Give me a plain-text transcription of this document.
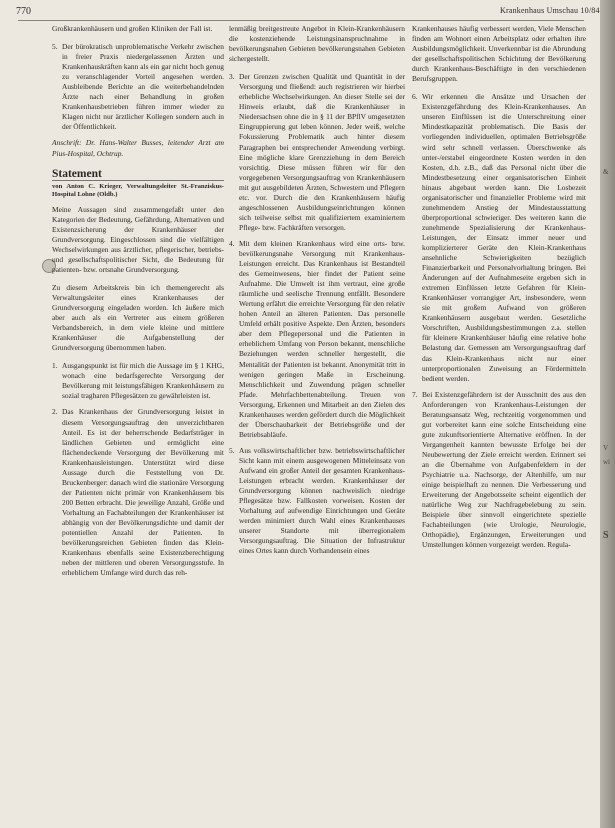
770	Krankenhaus Umschau 10/84

Großkrankenhäusern und großen Kliniken der Fall ist.

5. Der bürokratisch unproblematische Verkehr zwischen in freier Praxis niedergelassenen Ärzten und Krankenhauskräften kann als ein gar nicht hoch genug zu veranschlagender Vorteil angesehen werden. Ausbleibende Berichte an die weiterbehandelnden Ärzte nach einer Behandlung in großen Krankenhausbetrieben führen immer wieder zu Klagen nicht nur ärztlicher Kollegen sondern auch in der Öffentlichkeit.
Anschrift: Dr. Hans-Walter Busses, leitender Arzt am Pius-Hospital, Ochtrup.
Statement
von Anton C. Krieger, Verwaltungsleiter St.-Franziskus-Hospital Lohne (Oldb.)

Meine Aussagen sind zusammengefaßt unter den Kategorien der Bedeutung, Gefährdung, Alternativen und Existenzsicherung der Krankenhäuser der Grundversorgung. Eingeschlossen sind die vielfältigen Wechselwirkungen aus ärztlicher, pflegerischer, betriebs- und gesellschaftspolitischer Sicht, die Bedeutung für patienten- bzw. ortsnahe Grundversorgung.

Zu diesem Arbeitskreis bin ich themengerecht als Verwaltungsleiter eines Krankenhauses der Grundversorgung eingeladen worden. Ich äußere mich aber auch als ein Vertreter aus einem größeren Verbandsbereich, in dem viele kleine und mittlere Krankenhäuser die Aufgabenstellung der Grundversorgung übernommen haben.

1. Ausgangspunkt ist für mich die Aussage im § 1 KHG, wonach eine bedarfsgerechte Versorgung der Bevölkerung mit leistungsfähigen Krankenhäusern zu sozial tragbaren Pflegesätzen zu gewährleisten ist.
2. Das Krankenhaus der Grundversorgung leistet in diesem Versorgungsauftrag den unverzichtbaren Anteil. Es ist der beherrschende Bedarfsträger in ländlichen Gebieten und ermöglicht eine flächendeckende Versorgung der Bevölkerung mit Krankenhausleistungen. Unterstützt wird diese Aussage durch die Feststellung von Dr. Bruckenberger: danach wird die stationäre Versorgung der Patienten nicht primär von Krankenhäusern bis 200 Betten erbracht. Die jeweilige Anzahl, Größe und Vorhaltung an Fachabteilungen der Krankenhäuser ist abhängig von der Bevölkerungsdichte und damit der potentiellen Anzahl der Patienten. In bevölkerungsreichen Gebieten finden das Klein-Krankenhaus ebenfalls seine Existenzberechtigung neben der mittleren und oberen Versorgungsstufe. In erheblichem Umfange wird durch das reh-

lenmäßig breitgestreute Angebot in Klein-Krankenhäusern die kostenziehende Leistungsinanspruchnahme in bevölkerungsnahen Gebieten bevölkerungsnahen Gebieten sichergestellt.

3. Der Grenzen zwischen Qualität und Quantität in der Versorgung und fließend: auch registrieren wir hierbei erhebliche Wechselwirkungen. An dieser Stelle sei der Hinweis erlaubt, daß die Krankenhäuser in Niedersachsen ohne die in § 11 der BPflV umgesetzten Eingruppierung gut leben können. Jeder weiß, welche Fokussierung Problematik auch hinter diesem Paragraphen bei entsprechender Anwendung verbirgt. Eine mögliche klare Grenzziehung in dem Bereich vorsichtig. Diese müssen führen wir für den vorgegebenen Versorgungsauftrag von Krankenhäusern mit gut ausgebildeten Ärzten, Schwestern und Pflegern etc. vor. Durch die den Krankenhäusern häufig angeschlossenen Ausbildungseinrichtungen können sich teilweise selbst mit qualifiziertem examiniertem Pflege- bzw. Fachkräften versorgen.
4. Mit dem kleinen Krankenhaus wird eine orts- bzw. bevölkerungsnahe Versorgung mit Krankenhaus-Leistungen erreicht. Das Krankenhaus ist Bestandteil des Gemeinwesens, hier findet der Patient seine Aufnahme. Die Umwelt ist ihm vertraut, eine große räumliche und seelische Trennung entfällt. Besondere Wertung erfährt die erreichte Versorgung für den relativ hohen Anteil an älteren Patienten. Das personelle Umfeld erhält positive Aspekte. Den Ärzten, besonders aber dem Pflegepersonal und die Patienten in erheblichem Umfang von Person bekannt, menschliche Beziehungen werden schneller hergestellt, die Mentalität der Patienten ist bekannt. Anonymität tritt in wenigen geringen Maße in Erscheinung. Menschlichkeit und Zuwendung prägen schneller Pfade. Mehrfachbettenabteilung. Treuen von Versorgung, Erkennen und Mitarbeit an den Zielen des Krankenhauses werden gefördert durch die Möglichkeit der Überschaubarkeit der Betriebsgröße und der Betriebsabläufe.
5. Aus volkswirtschaftlicher bzw. betriebswirtschaftlicher Sicht kann mit einem ausgewogenen Mitteleinsatz von Aufwand ein großer Anteil der gesamten Krankenhaus-Leistungen erbracht werden. Krankenhäuser der Grundversorgung können nachweislich niedrige Pflegesätze bzw. Fallkosten vorweisen. Kosten der Vorhaltung auf aufwendige Einrichtungen und Geräte werden minimiert durch Wahl eines Krankenhauses unserer Standorte mit überregionalem Versorgungsauftrag. Die Situation der Infrastruktur eines Ortes kann durch Vorhandensein eines

Krankenhauses häufig verbessert werden, Viele Menschen finden am Wohnort einen Arbeitsplatz oder erhalten ihre Ausbildungsmöglichkeit. Unverkennbar ist die Abrundung der gesellschaftspolitischen Schichtung der Bevölkerung durch Krankenhaus-Beschäftigte in den verschiedenen Berufsgruppen.

6. Wir erkennen die Ansätze und Ursachen der Existenzgefährdung des Klein-Krankenhauses. An unseren Einflüssen ist die Unterschreitung einer Mindestkapazität problematisch. Die Basis der vorliegenden individuellen, optimalen Betriebsgröße wird sehr schnell verlassen. Überschwenke als unter-/erstabel eingeordnete Kosten werden in den Kosten, d.h. z.B., daß das Personal nicht über die Mindestbesetzung einer organisatorischen Einheit hinaus abgebaut werden kann. Die Losbezeit organisatorischer und finanzieller Probleme wird mit zunehmendem Anstieg der Mindestausstattung überproportional schwieriger. Des weiteren kann die zunehmende Spezialisierung der Krankenhaus-Leistungen, der Einsatz immer neuer und komplizierterer Geräte den Klein-Krankenhaus ansehnliche Schwierigkeiten bezüglich Finanzierbarkeit und Personalvorhaltung bringen. Bei Änderungen auf der Aufnahmeseite ergeben sich in extremen Einflüssen letzte Gefahren für Klein-Krankenhäuser vorrangiger Art, insbesondere, wenn sie mit großem Aufwand von größeren Krankenhäusern ausgebaut werden. Gesetzliche Vorschriften, Ausbildungsbestimmungen z.a. stellen für kleinere Krankenhäuser häufig eine relative hohe Belastung dar. Gemessen am Versorgungsauftrag darf das Klein-Krankenhaus nicht nur einer unterproportionalen Zuweisung an Fördermitteln bedient werden.
7. Bei Existenzgefährdern ist der Ausschnitt des aus den Anforderungen von Krankenhaus-Leistungen der Beratungsansatz Weg, rechtzeitig vorgenommen und gut vorbereitet kann eine solche Entscheidung eine gute zukunftsorientierte Alternative eröffnen. In der Vergangenheit kannten bewusste Erfolge bei der Neubewertung der Ziele erreicht werden. Erinnert sei an die Übernahme von Aufgabenfeldern in der Psychiatrie u.a. Nachsorge, der Altenhilfe, um nur einige beispielhaft zu nennen. Die Verbesserung und Erweiterung der Angebotsseite scheint eigentlich der natürliche Weg zur Nachfragebelebung zu sein. Beispiele über sinnvoll eingerichtete spezielle Fachabteilungen (wie Urologie, Neurologie, Orthopädie), Ergänzungen, Erweiterungen und Umstellungen können vorgezeigt werden. Regula-
&
V
wi
S
